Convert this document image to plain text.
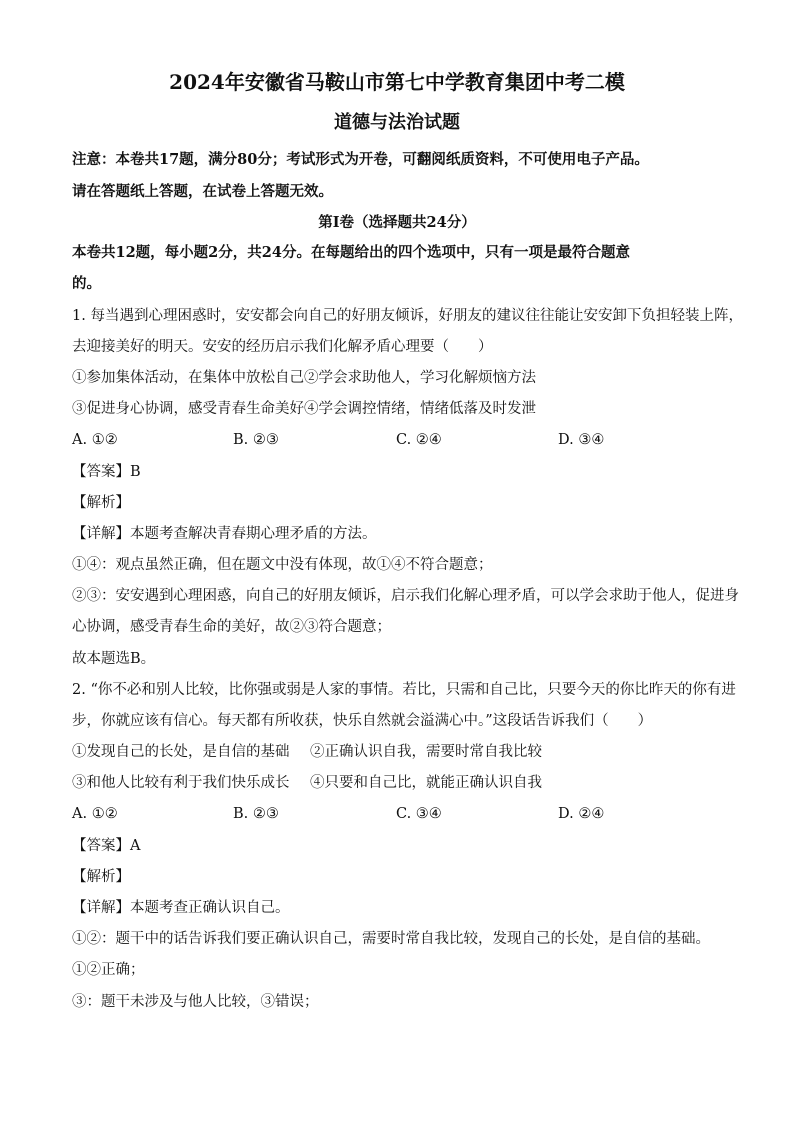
2024年安徽省马鞍山市第七中学教育集团中考二模
道德与法治试题
注意：本卷共17题，满分80分；考试形式为开卷，可翻阅纸质资料，不可使用电子产品。
请在答题纸上答题，在试卷上答题无效。
第Ⅰ卷（选择题共24分）
本卷共12题，每小题2分，共24分。在每题给出的四个选项中，只有一项是最符合题意
的。
1. 每当遇到心理困惑时，安安都会向自己的好朋友倾诉，好朋友的建议往往能让安安卸下负担轻装上阵，
去迎接美好的明天。安安的经历启示我们化解矛盾心理要（　　）
①参加集体活动，在集体中放松自己②学会求助他人，学习化解烦恼方法
③促进身心协调，感受青春生命美好④学会调控情绪，情绪低落及时发泄
A. ①②	B. ②③	C. ②④	D. ③④
【答案】B
【解析】
【详解】本题考查解决青春期心理矛盾的方法。
①④：观点虽然正确，但在题文中没有体现，故①④不符合题意；
②③：安安遇到心理困惑，向自己的好朋友倾诉，启示我们化解心理矛盾，可以学会求助于他人，促进身
心协调，感受青春生命的美好，故②③符合题意；
故本题选B。
2. “你不必和别人比较，比你强或弱是人家的事情。若比，只需和自己比，只要今天的你比昨天的你有进
步，你就应该有信心。每天都有所收获，快乐自然就会溢满心中。”这段话告诉我们（　　）
①发现自己的长处，是自信的基础 ②正确认识自我，需要时常自我比较
③和他人比较有利于我们快乐成长 ④只要和自己比，就能正确认识自我
A. ①②	B. ②③	C. ③④	D. ②④
【答案】A
【解析】
【详解】本题考查正确认识自己。
①②：题干中的话告诉我们要正确认识自己，需要时常自我比较，发现自己的长处，是自信的基础。
①②正确；
③：题干未涉及与他人比较，③错误；
